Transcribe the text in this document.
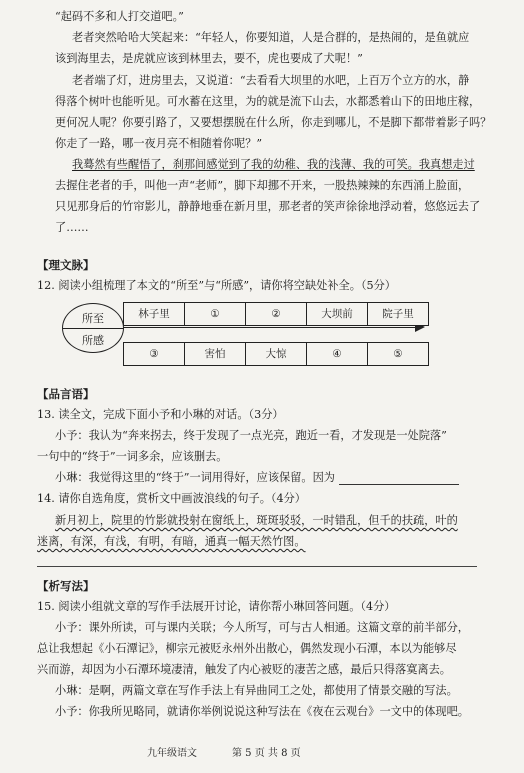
“起码不多和人打交道吧。”
老者突然哈哈大笑起来：“年轻人，你要知道，人是合群的，是热闹的，是鱼就应
该到海里去，是虎就应该到林里去，要不，虎也要成了犬呢！”
老者端了灯，进房里去，又说道：“去看看大坝里的水吧，上百万个立方的水，静
得落个树叶也能听见。可水蓄在这里，为的就是流下山去，水都悉着山下的田地庄稼，
更何况人呢？你要引路了，又要想摆脱在什么所，你走到哪儿，不是脚下都带着影子吗？
你走了一路，哪一夜月亮不相随着你呢？”
我蓦然有些醒悟了，刹那间感觉到了我的幼稚、我的浅薄、我的可笑。我真想走过
去握住老者的手，叫他一声“老师”，脚下却挪不开来，一股热辣辣的东西涌上脸面，
只见那身后的竹帘影儿，静静地垂在新月里，那老者的笑声徐徐地浮动着，悠悠远去了
了……
【理文脉】
12. 阅读小组梳理了本文的“所至”与“所感”，请你将空缺处补全。（5分）
所至
所感
林子里	①	②	大坝前	院子里
③	害怕	大惊	④	⑤
【品言语】
13. 读全文，完成下面小予和小琳的对话。（3分）
小予：我认为“奔来拐去，终于发现了一点光亮，跑近一看，才发现是一处院落”
一句中的“终于”一词多余，应该删去。
小琳：我觉得这里的“终于”一词用得好，应该保留。因为
14. 请你自选角度，赏析文中画波浪线的句子。（4分）
新月初上，院里的竹影就投射在窗纸上，斑斑驳驳，一时错乱，但千的扶疏，叶的
迷离，有深，有浅，有明，有暗，通真一幅天然竹图。
【析写法】
15. 阅读小组就文章的写作手法展开讨论，请你帮小琳回答问题。（4分）
小予：课外所读，可与课内关联；今人所写，可与古人相通。这篇文章的前半部分，
总让我想起《小石潭记》，柳宗元被贬永州外出散心，偶然发现小石潭，本以为能够尽
兴而游，却因为小石潭环境凄清，触发了内心被贬的凄苦之感，最后只得落寞离去。
小琳：是啊，两篇文章在写作手法上有异曲同工之处，都使用了情景交融的写法。
小予：你我所见略同，就请你举例说说这种写法在《夜在云观台》一文中的体现吧。
九年级语文	第 5 页 共 8 页
